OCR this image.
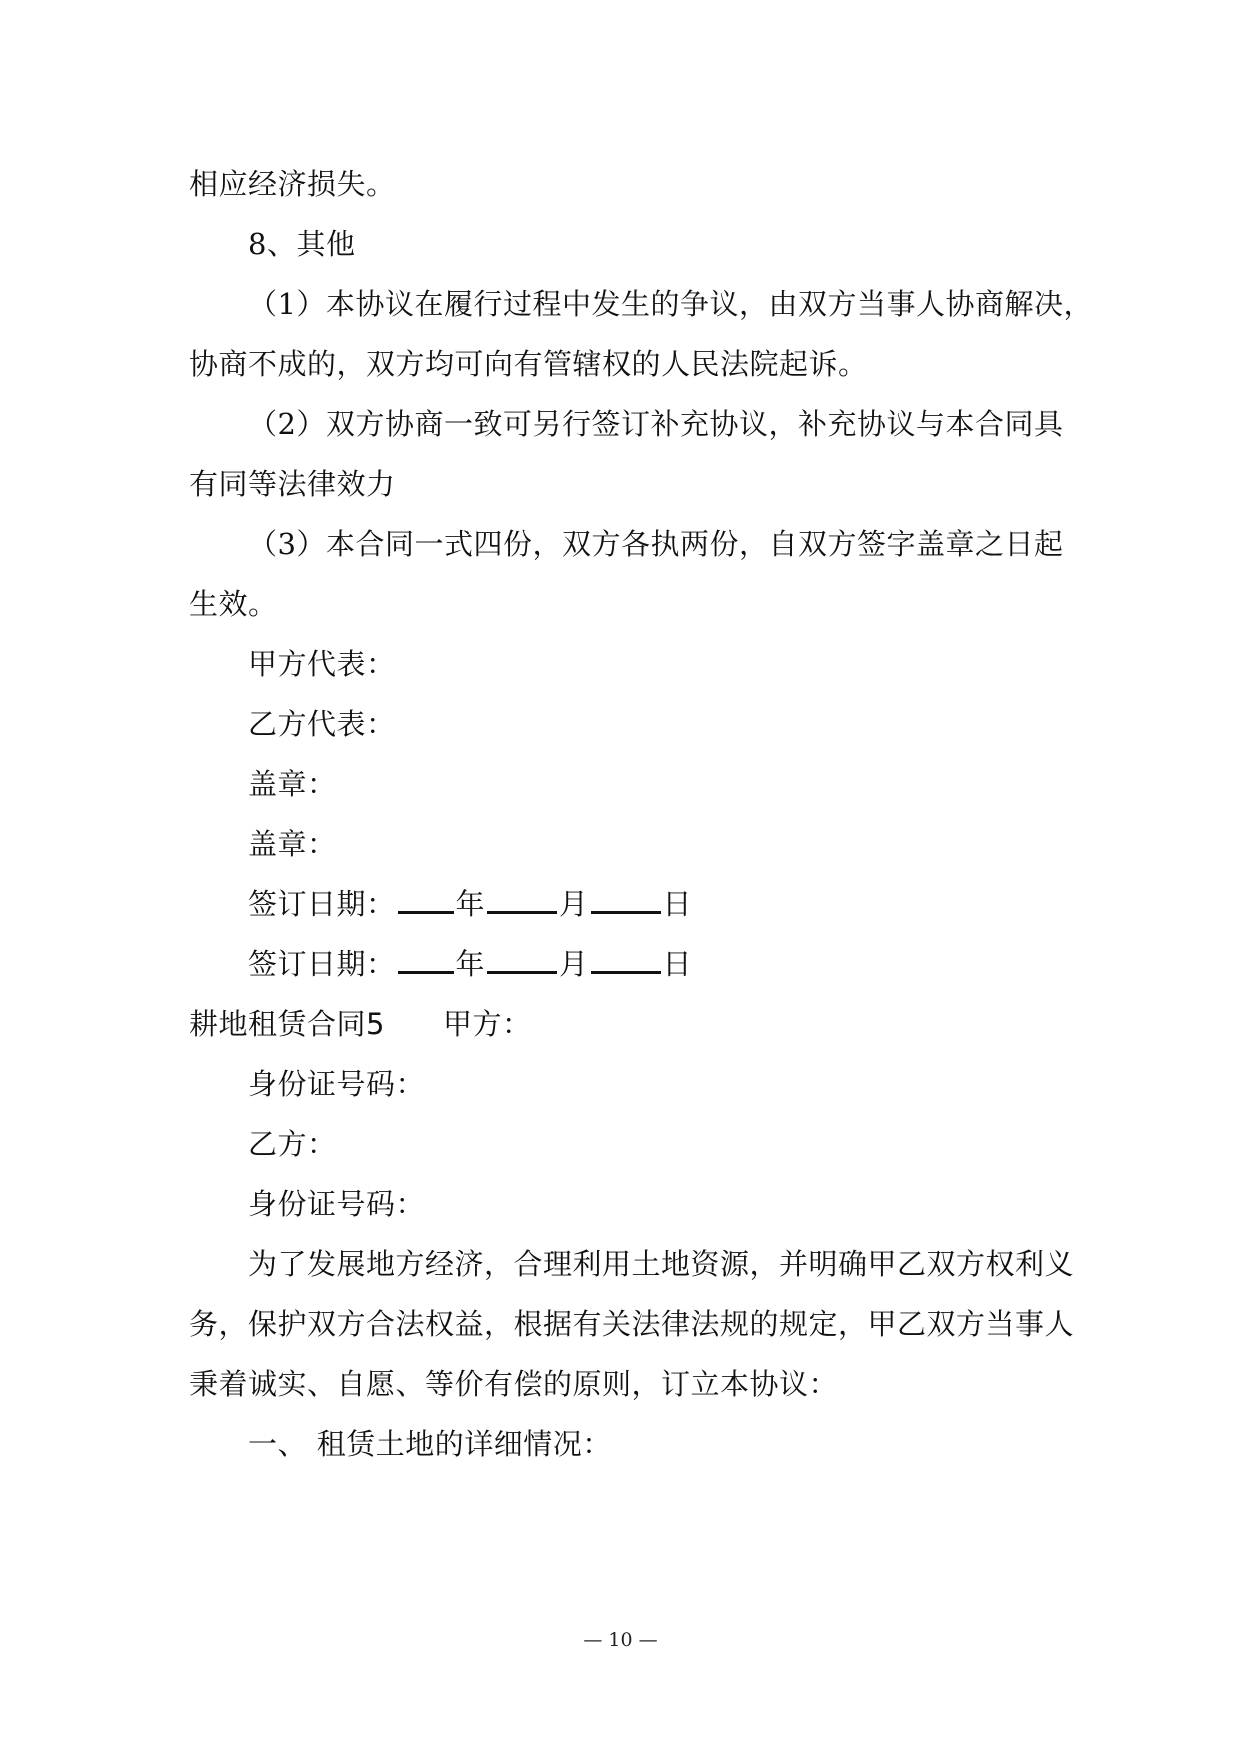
相应经济损失。
8、其他
（1）本协议在履行过程中发生的争议，由双方当事人协商解决，
协商不成的，双方均可向有管辖权的人民法院起诉。
（2）双方协商一致可另行签订补充协议，补充协议与本合同具
有同等法律效力
（3）本合同一式四份，双方各执两份，自双方签字盖章之日起
生效。
甲方代表：
乙方代表：
盖章：
盖章：
签订日期： 年	月	日
签订日期： 年	月	日
耕地租赁合同5 甲方：
身份证号码：
乙方：
身份证号码：
为了发展地方经济，合理利用土地资源，并明确甲乙双方权利义
务，保护双方合法权益，根据有关法律法规的规定，甲乙双方当事人
秉着诚实、自愿、等价有偿的原则，订立本协议：
一、 租赁土地的详细情况：
— 10 —
